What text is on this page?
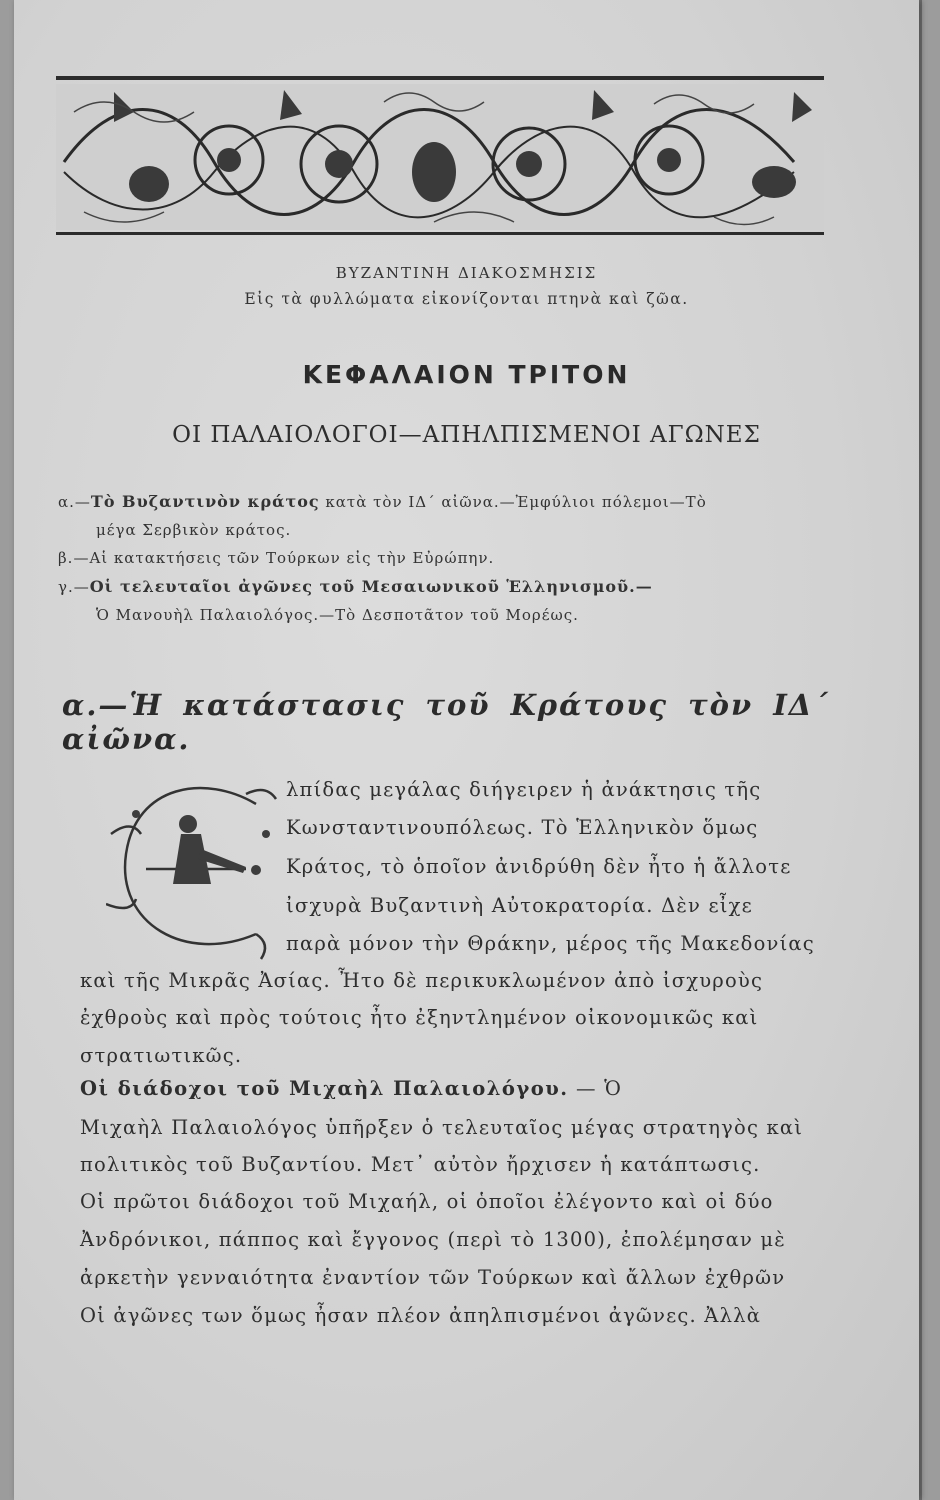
ΒΥΖΑΝΤΙΝΗ ΔΙΑΚΟΣΜΗΣΙΣ
Εἰς τὰ φυλλώματα εἰκονίζονται πτηνὰ καὶ ζῶα.
ΚΕΦΑΛΑΙΟΝ ΤΡΙΤΟΝ
ΟΙ ΠΑΛΑΙΟΛΟΓΟΙ—ΑΠΗΛΠΙΣΜΕΝΟΙ ΑΓΩΝΕΣ
α.—Τὸ Βυζαντινὸν κράτος κατὰ τὸν ΙΔ΄ αἰῶνα.—Ἐμφύλιοι πόλεμοι—Τὸ
μέγα Σερβικὸν κράτος.
β.—Αἱ κατακτήσεις τῶν Τούρκων εἰς τὴν Εὐρώπην.
γ.—Οἱ τελευταῖοι ἀγῶνες τοῦ Μεσαιωνικοῦ Ἑλληνισμοῦ.—
Ὁ Μανουὴλ Παλαιολόγος.—Τὸ Δεσποτᾶτον τοῦ Μορέως.
α.—Ἡ κατάστασις τοῦ Κράτους τὸν ΙΔ΄ αἰῶνα.
λπίδας μεγάλας διήγειρεν ἡ ἀνάκτησις τῆς
Κωνσταντινουπόλεως. Τὸ Ἑλληνικὸν ὅμως
Κράτος, τὸ ὁποῖον ἀνιδρύθη δὲν ἦτο ἡ ἄλλοτε
ἰσχυρὰ Βυζαντινὴ Αὐτοκρατορία. Δὲν εἶχε
παρὰ μόνον τὴν Θράκην, μέρος τῆς Μακεδονίας
καὶ τῆς Μικρᾶς Ἀσίας. Ἦτο δὲ περικυκλωμένον ἀπὸ ἰσχυροὺς
ἐχθροὺς καὶ πρὸς τούτοις ἦτο ἐξηντλημένον οἰκονομικῶς καὶ
στρατιωτικῶς.
Οἱ διάδοχοι τοῦ Μιχαὴλ Παλαιολόγου. — Ὁ
Μιχαὴλ Παλαιολόγος ὑπῆρξεν ὁ τελευταῖος μέγας στρατηγὸς καὶ
πολιτικὸς τοῦ Βυζαντίου. Μετ᾽ αὐτὸν ἤρχισεν ἡ κατάπτωσις.
Οἱ πρῶτοι διάδοχοι τοῦ Μιχαήλ, οἱ ὁποῖοι ἐλέγοντο καὶ οἱ δύο
Ἀνδρόνικοι, πάππος καὶ ἔγγονος (περὶ τὸ 1300), ἐπολέμησαν μὲ
ἀρκετὴν γενναιότητα ἐναντίον τῶν Τούρκων καὶ ἄλλων ἐχθρῶν
Οἱ ἀγῶνες των ὅμως ἦσαν πλέον ἀπηλπισμένοι ἀγῶνες. Ἀλλὰ
